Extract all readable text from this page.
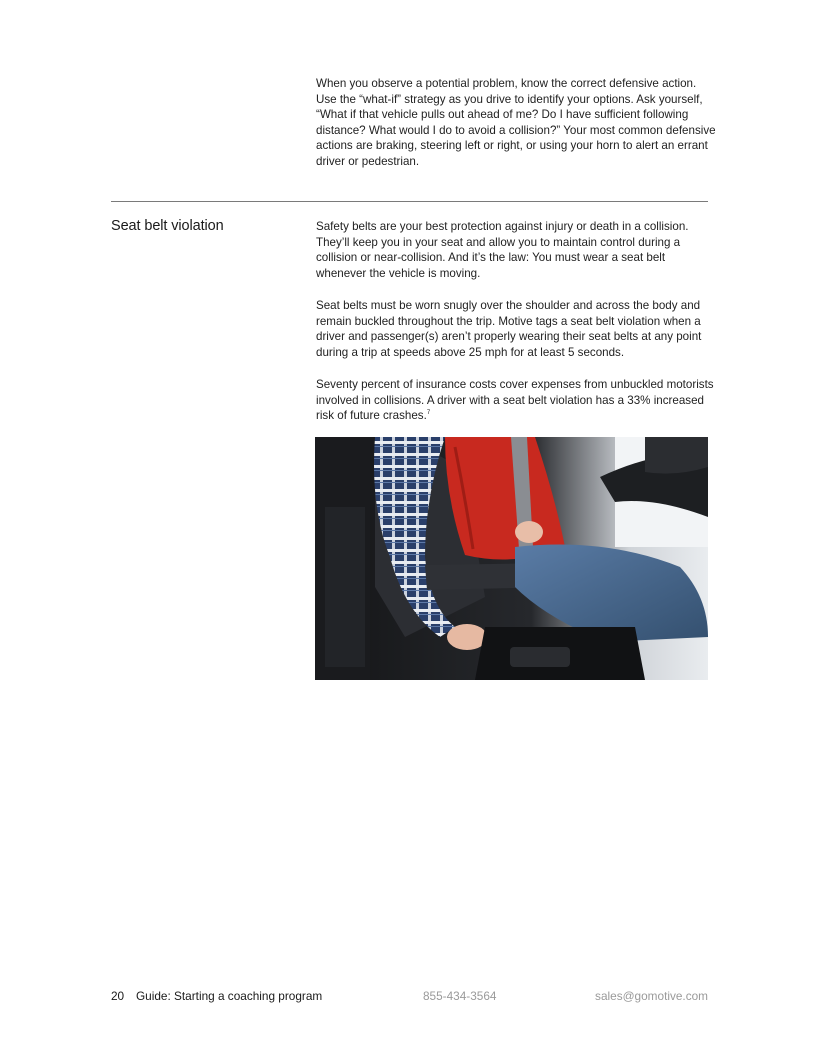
When you observe a potential problem, know the correct defensive action. Use the “what-if” strategy as you drive to identify your options. Ask yourself, “What if that vehicle pulls out ahead of me? Do I have sufficient following distance? What would I do to avoid a collision?” Your most common defensive actions are braking, steering left or right, or using your horn to alert an errant driver or pedestrian.

Seat belt violation	Safety belts are your best protection against injury or death in a collision. They’ll keep you in your seat and allow you to maintain control during a collision or near-collision. And it’s the law: You must wear a seat belt whenever the vehicle is moving.

Seat belts must be worn snugly over the shoulder and across the body and remain buckled throughout the trip. Motive tags a seat belt violation when a driver and passenger(s) aren’t properly wearing their seat belts at any point during a trip at speeds above 25 mph for at least 5 seconds.

Seventy percent of insurance costs cover expenses from unbuckled motorists involved in collisions. A driver with a seat belt violation has a 33% increased risk of future crashes.$^7$

20 Guide: Starting a coaching program	855-434-3564	sales@gomotive.com
